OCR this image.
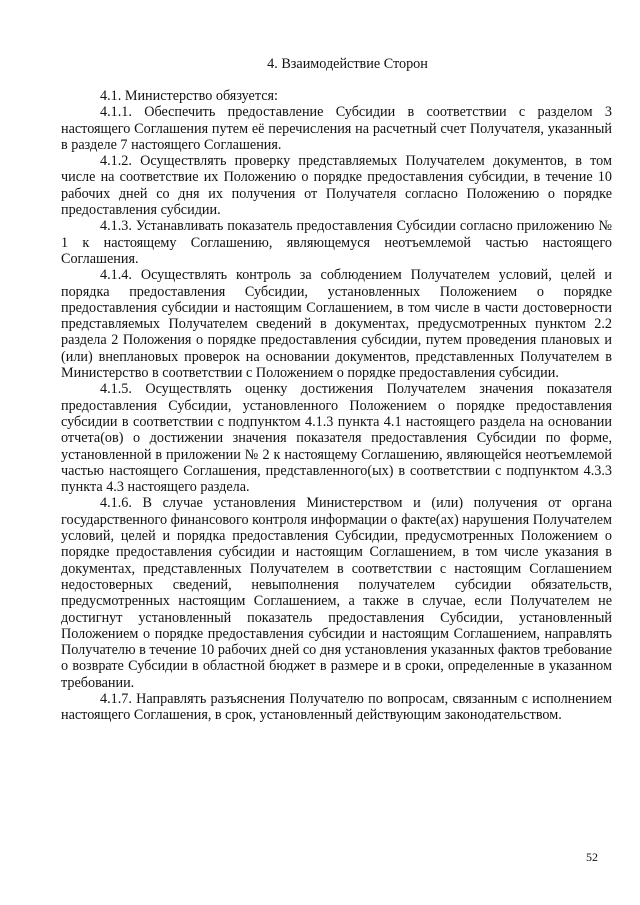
4. Взаимодействие Сторон

4.1. Министерство обязуется:

4.1.1. Обеспечить предоставление Субсидии в соответствии с разделом 3 настоящего Соглашения путем её перечисления на расчетный счет Получателя, указанный в разделе 7 настоящего Соглашения.

4.1.2. Осуществлять проверку представляемых Получателем документов, в том числе на соответствие их Положению о порядке предоставления субсидии, в течение 10 рабочих дней со дня их получения от Получателя согласно Положению о порядке предоставления субсидии.

4.1.3. Устанавливать показатель предоставления Субсидии согласно приложению № 1 к настоящему Соглашению, являющемуся неотъемлемой частью настоящего Соглашения.

4.1.4. Осуществлять контроль за соблюдением Получателем условий, целей и порядка предоставления Субсидии, установленных Положением о порядке предоставления субсидии и настоящим Соглашением, в том числе в части достоверности представляемых Получателем сведений в документах, предусмотренных пунктом 2.2 раздела 2 Положения о порядке предоставления субсидии, путем проведения плановых и (или) внеплановых проверок на основании документов, представленных Получателем в Министерство в соответствии с Положением о порядке предоставления субсидии.

4.1.5. Осуществлять оценку достижения Получателем значения показателя предоставления Субсидии, установленного Положением о порядке предоставления субсидии в соответствии с подпунктом 4.1.3 пункта 4.1 настоящего раздела на основании отчета(ов) о достижении значения показателя предоставления Субсидии по форме, установленной в приложении № 2 к настоящему Соглашению, являющейся неотъемлемой частью настоящего Соглашения, представленного(ых) в соответствии с подпунктом 4.3.3 пункта 4.3 настоящего раздела.

4.1.6. В случае установления Министерством и (или) получения от органа государственного финансового контроля информации о факте(ах) нарушения Получателем условий, целей и порядка предоставления Субсидии, предусмотренных Положением о порядке предоставления субсидии и настоящим Соглашением, в том числе указания в документах, представленных Получателем в соответствии с настоящим Соглашением недостоверных сведений, невыполнения получателем субсидии обязательств, предусмотренных настоящим Соглашением, а также в случае, если Получателем не достигнут установленный показатель предоставления Субсидии, установленный Положением о порядке предоставления субсидии и настоящим Соглашением, направлять Получателю в течение 10 рабочих дней со дня установления указанных фактов требование о возврате Субсидии в областной бюджет в размере и в сроки, определенные в указанном требовании.

4.1.7. Направлять разъяснения Получателю по вопросам, связанным с исполнением настоящего Соглашения, в срок, установленный действующим законодательством.

52
